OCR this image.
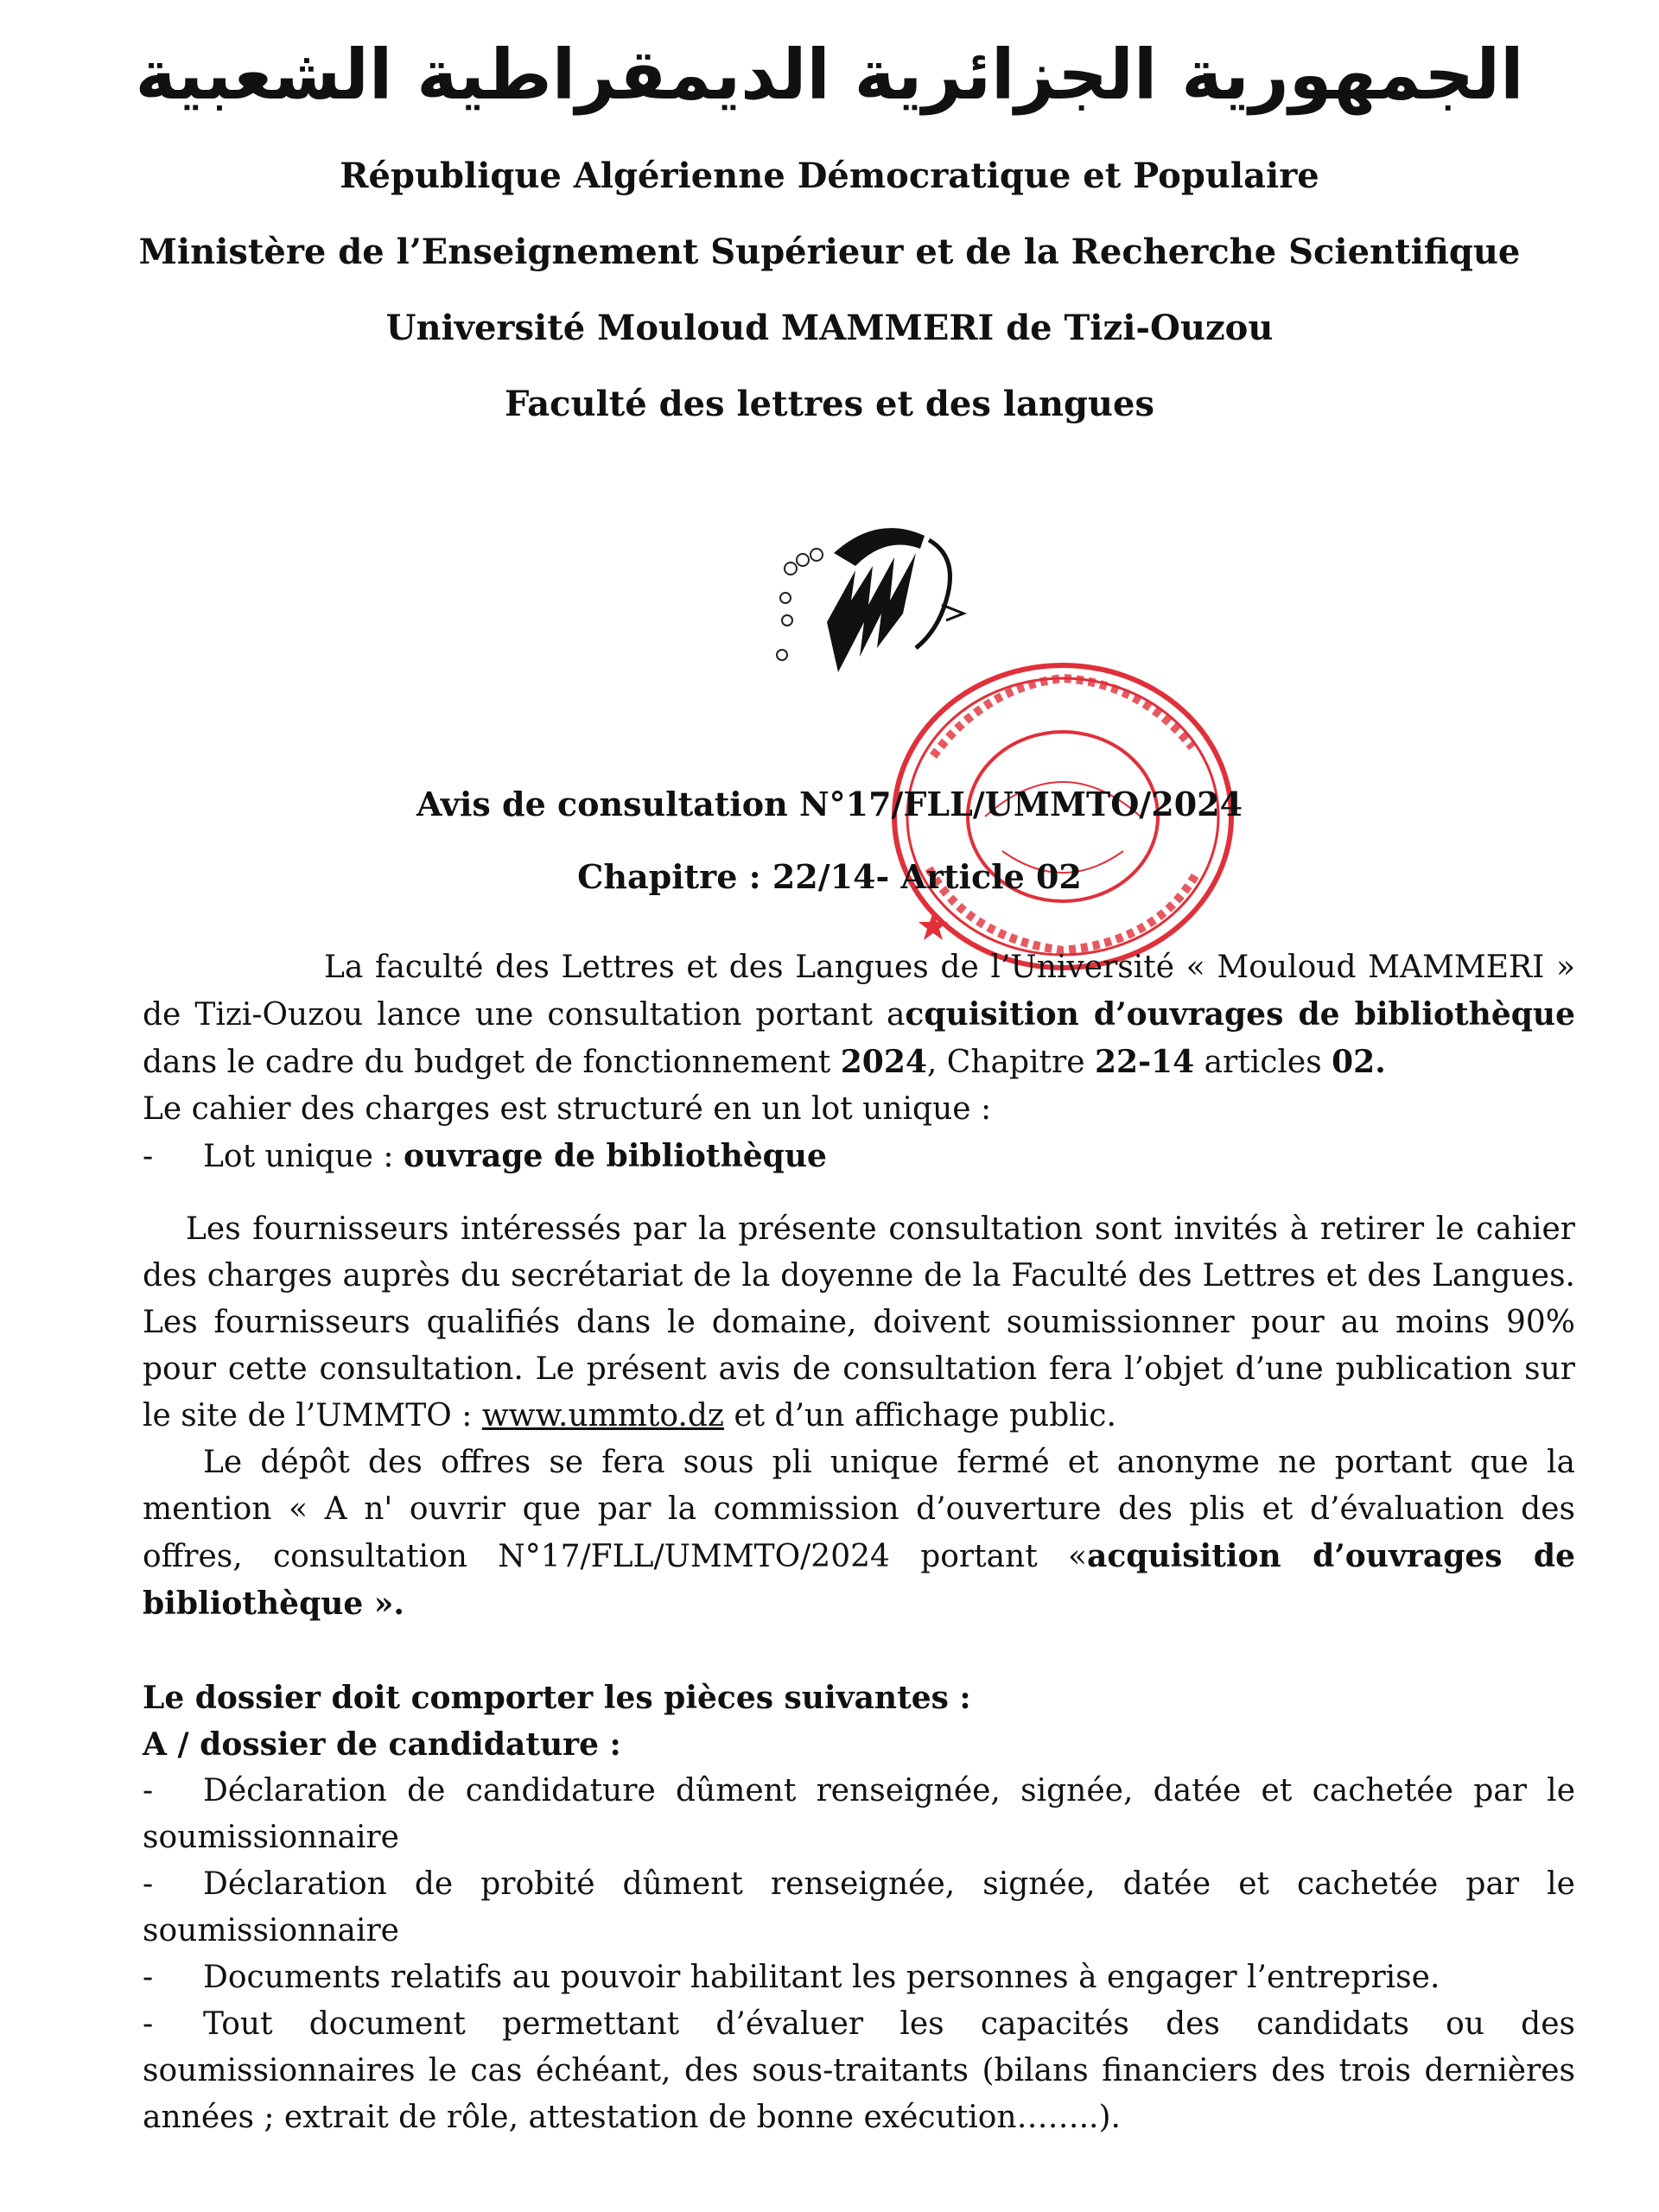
الجمهورية الجزائرية الديمقراطية الشعبية
République Algérienne Démocratique et Populaire
Ministère de l’Enseignement Supérieur et de la Recherche Scientifique
Université Mouloud MAMMERI de Tizi-Ouzou
Faculté des lettres et des langues
Avis de consultation N°17/FLL/UMMTO/2024
Chapitre : 22/14- Article 02

La faculté des Lettres et des Langues de l’Université « Mouloud MAMMERI » de Tizi-Ouzou lance une consultation portant acquisition d’ouvrages de bibliothèque dans le cadre du budget de fonctionnement 2024, Chapitre 22-14 articles 02.

Le cahier des charges est structuré en un lot unique :

- Lot unique : ouvrage de bibliothèque

Les fournisseurs intéressés par la présente consultation sont invités à retirer le cahier des charges auprès du secrétariat de la doyenne de la Faculté des Lettres et des Langues. Les fournisseurs qualifiés dans le domaine, doivent soumissionner pour au moins 90% pour cette consultation. Le présent avis de consultation fera l’objet d’une publication sur le site de l’UMMTO : www.ummto.dz et d’un affichage public.

Le dépôt des offres se fera sous pli unique fermé et anonyme ne portant que la mention « A n' ouvrir que par la commission d’ouverture des plis et d’évaluation des offres, consultation N°17/FLL/UMMTO/2024 portant «acquisition d’ouvrages de bibliothèque ».

Le dossier doit comporter les pièces suivantes :

A / dossier de candidature :

- Déclaration de candidature dûment renseignée, signée, datée et cachetée par le soumissionnaire

- Déclaration de probité dûment renseignée, signée, datée et cachetée par le soumissionnaire

- Documents relatifs au pouvoir habilitant les personnes à engager l’entreprise.

- Tout document permettant d’évaluer les capacités des candidats ou des soumissionnaires le cas échéant, des sous-traitants (bilans financiers des trois dernières années ; extrait de rôle, attestation de bonne exécution……..).
